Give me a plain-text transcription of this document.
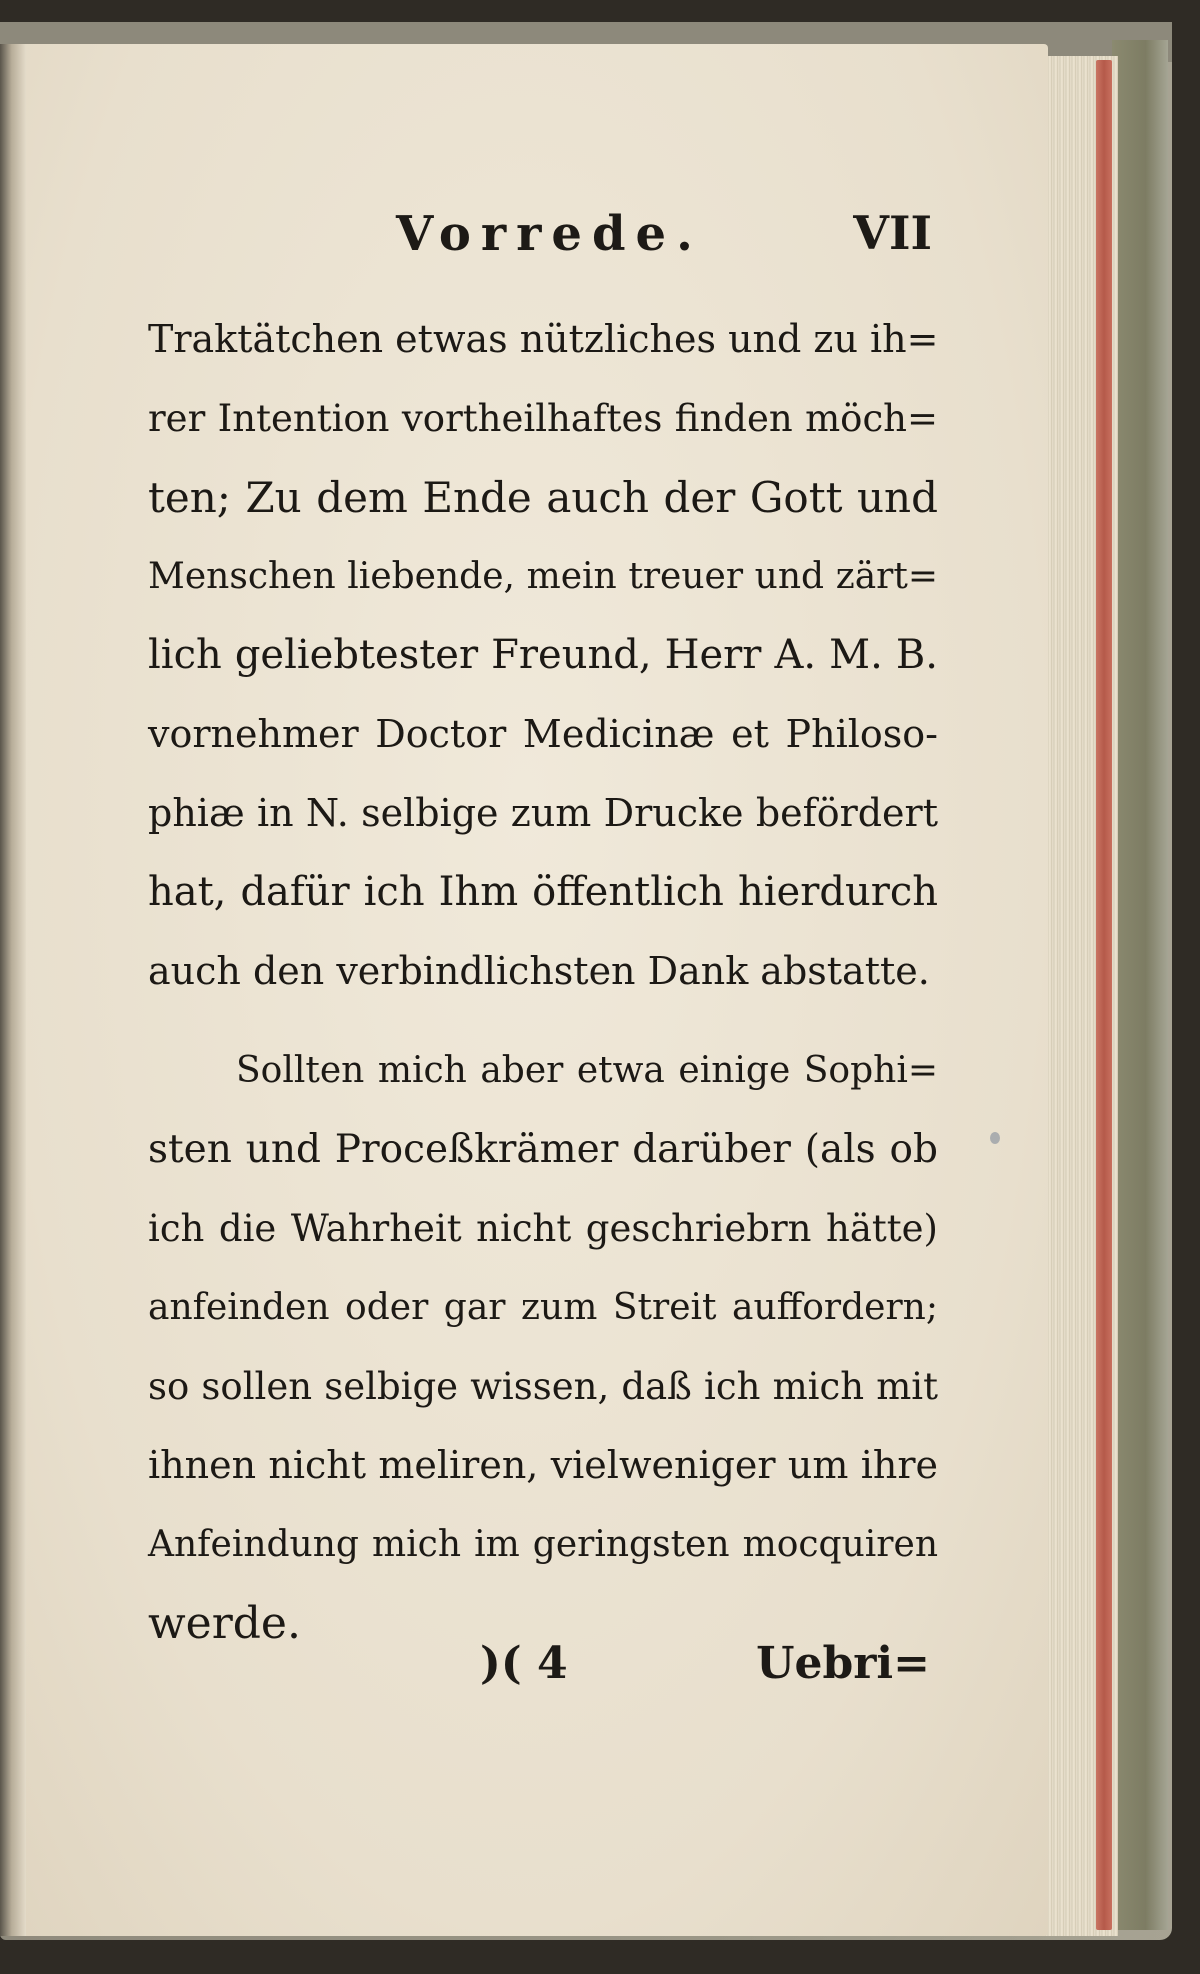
Vorrede.	VII
Traktätchen etwas nützliches und zu ih=
rer Intention vortheilhaftes finden möch=
ten; Zu dem Ende auch der Gott und
Menschen liebende, mein treuer und zärt=
lich geliebtester Freund, Herr A. M. B.
vornehmer Doctor Medicinæ et Philoso-
phiæ in N. selbige zum Drucke befördert
hat, dafür ich Ihm öffentlich hierdurch
auch den verbindlichsten Dank abstatte.
Sollten mich aber etwa einige Sophi=
sten und Proceßkrämer darüber (als ob
ich die Wahrheit nicht geschriebrn hätte)
anfeinden oder gar zum Streit auffordern;
so sollen selbige wissen, daß ich mich mit
ihnen nicht meliren, vielweniger um ihre
Anfeindung mich im geringsten mocquiren
werde.
)( 4	Uebri=
